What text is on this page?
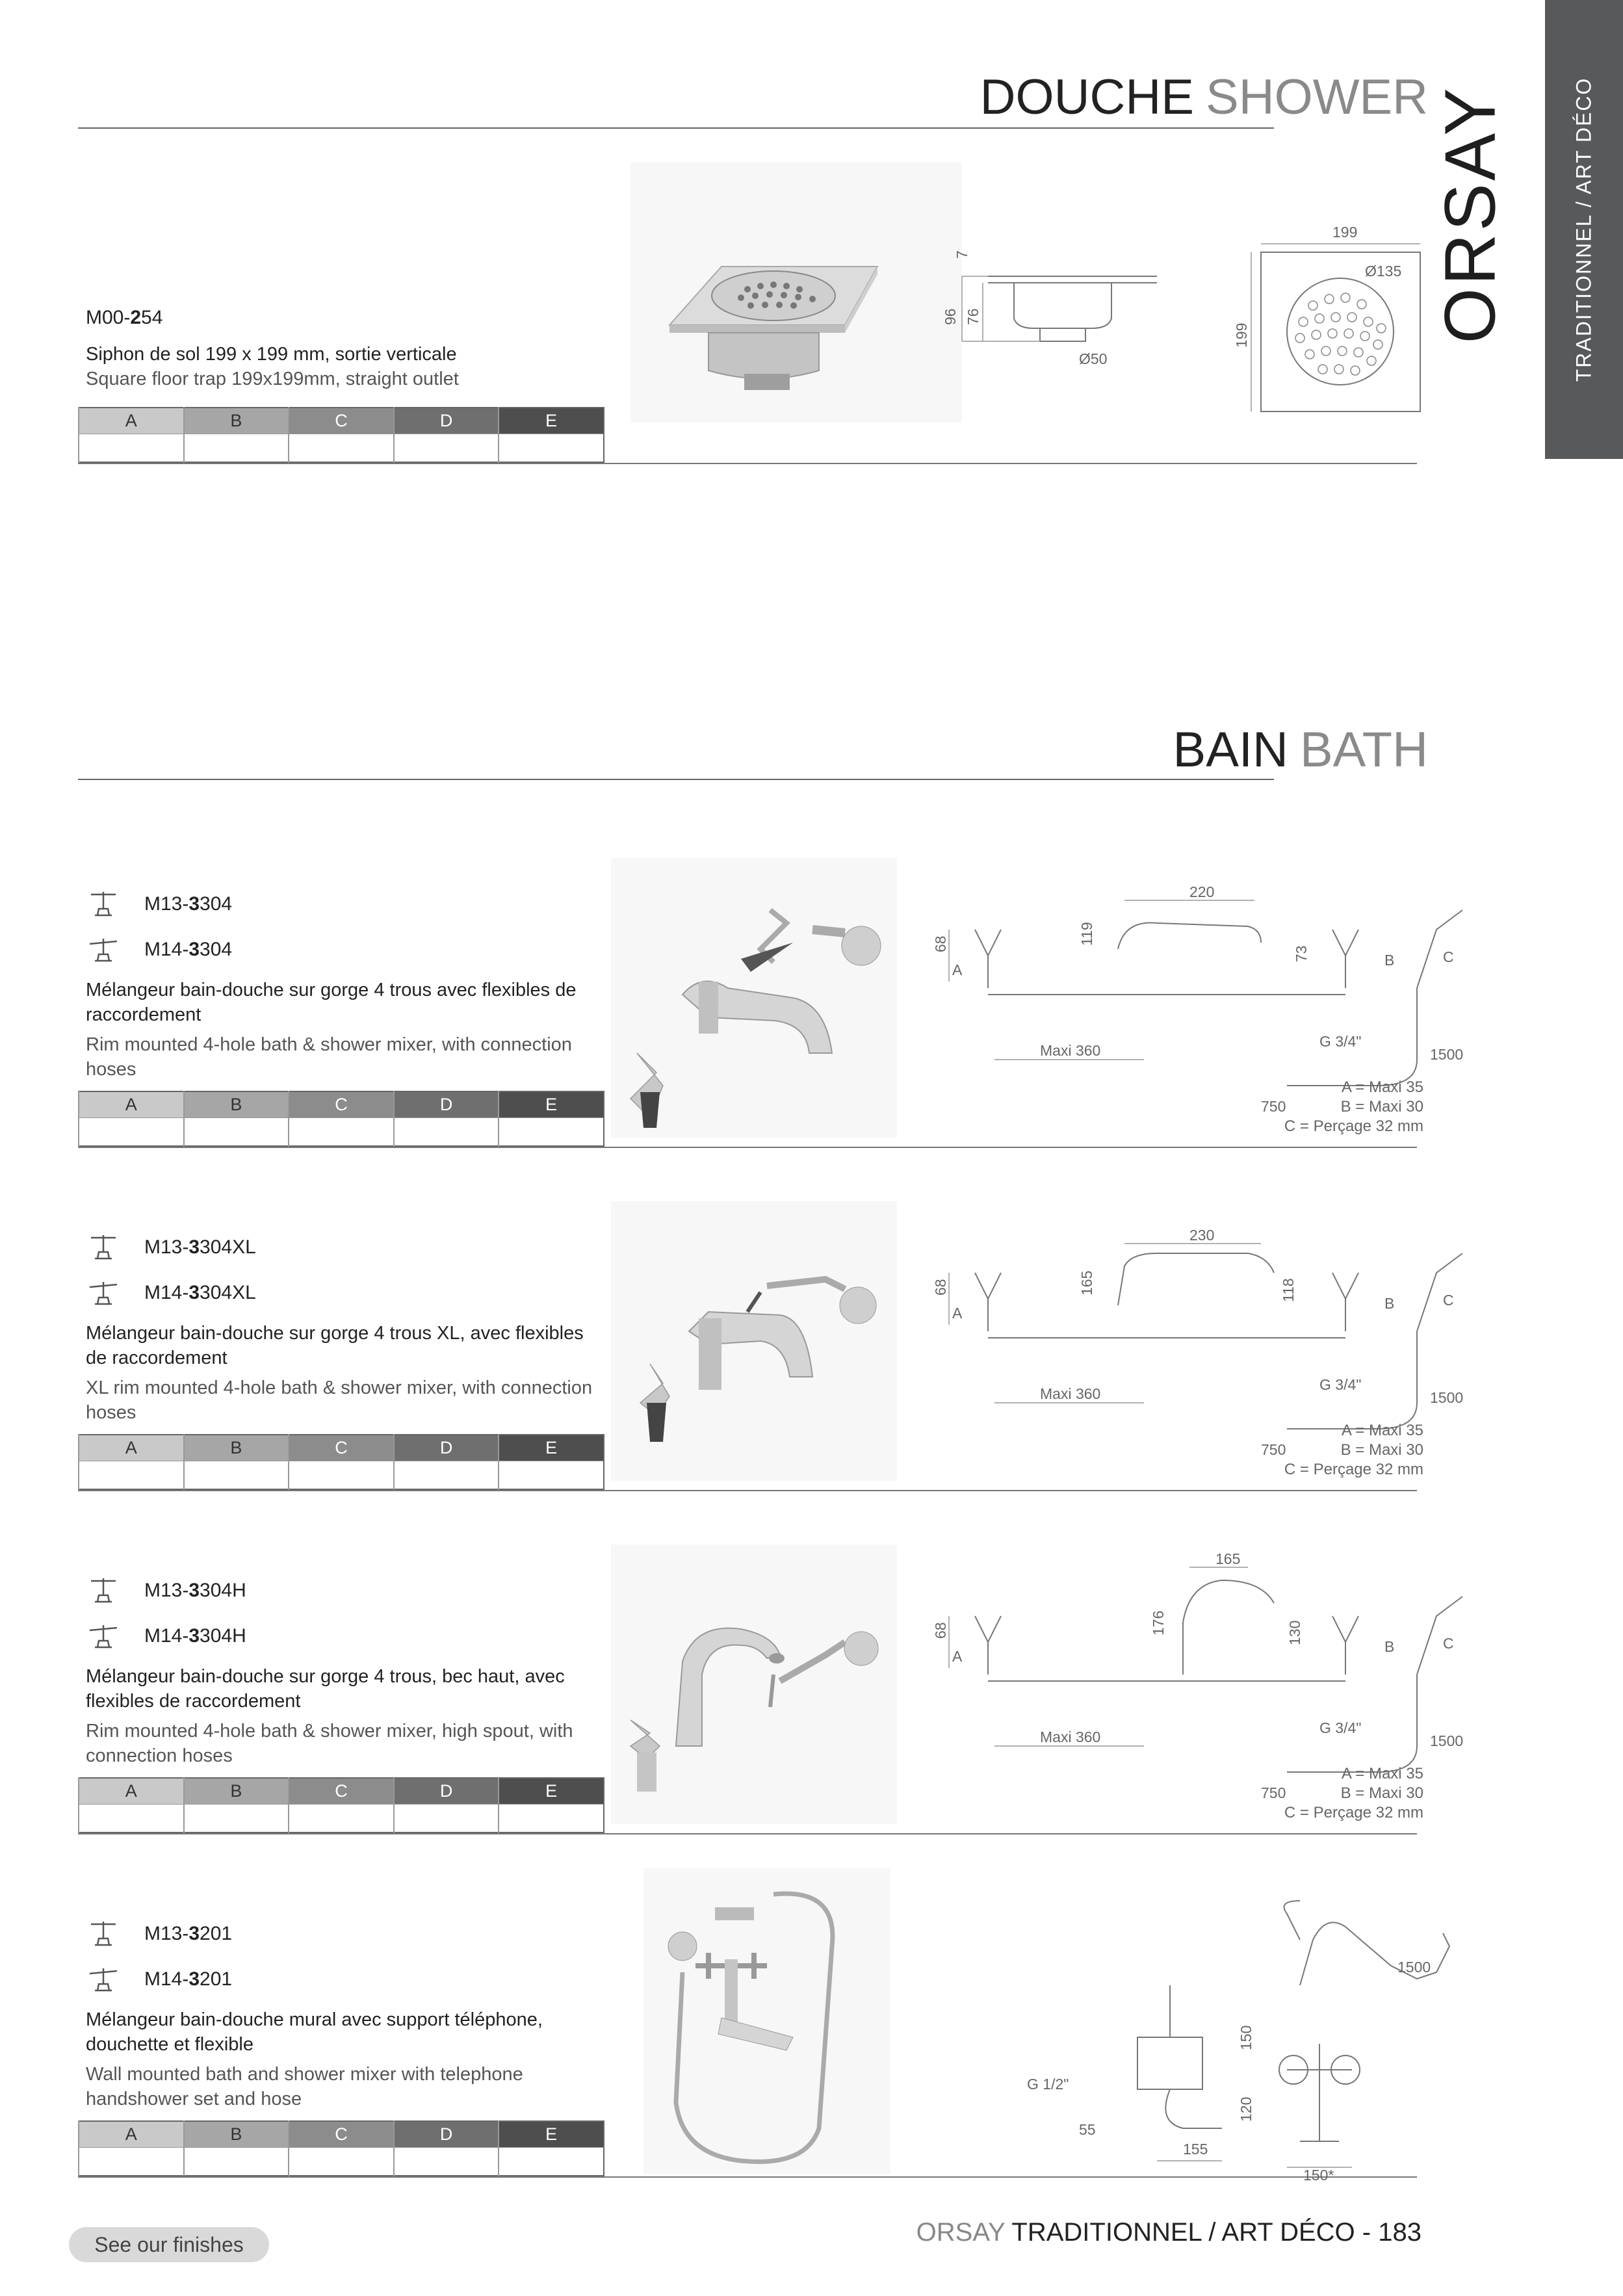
TRADITIONNEL / ART DÉCO
ORSAY
DOUCHE SHOWER
M00- 2 54
Siphon de sol 199 x 199 mm, sortie verticale
Square floor trap 199x199mm, straight outlet
A	B	C	D	E

7
96 76
Ø50
199
Ø135
199
BAIN BATH
M13- 3 304
M14- 3 304
Mélangeur bain-douche sur gorge 4 trous avec flexibles de raccordement
Rim mounted 4-hole bath & shower mixer, with connection hoses
A	B	C	D	E

220
68	119
73
A
B	C
1500
G 3/4"
Maxi 360
750
A = Maxi 35
B = Maxi 30
C = Perçage 32 mm
M13- 3 304XL
M14- 3 304XL
Mélangeur bain-douche sur gorge 4 trous XL, avec flexibles de raccordement
XL rim mounted 4-hole bath & shower mixer, with connection hoses
A	B	C	D	E

230
68	165	118
A
B	C
1500
G 3/4"
Maxi 360
750
A = Maxi 35
B = Maxi 30
C = Perçage 32 mm
M13- 3 304H
M14- 3 304H
Mélangeur bain-douche sur gorge 4 trous, bec haut, avec flexibles de raccordement
Rim mounted 4-hole bath & shower mixer, high spout, with connection hoses
A	B	C	D	E

165
68	176	130
A
B	C
1500
G 3/4"
Maxi 360
750
A = Maxi 35
B = Maxi 30
C = Perçage 32 mm
M13- 3 201
M14- 3 201
Mélangeur bain-douche mural avec support téléphone, douchette et flexible
Wall mounted bath and shower mixer with telephone handshower set and hose
A	B	C	D	E

1500
150
120
G 1/2"
55
155
150*
See our finishes	ORSAY TRADITIONNEL / ART DÉCO - 183
